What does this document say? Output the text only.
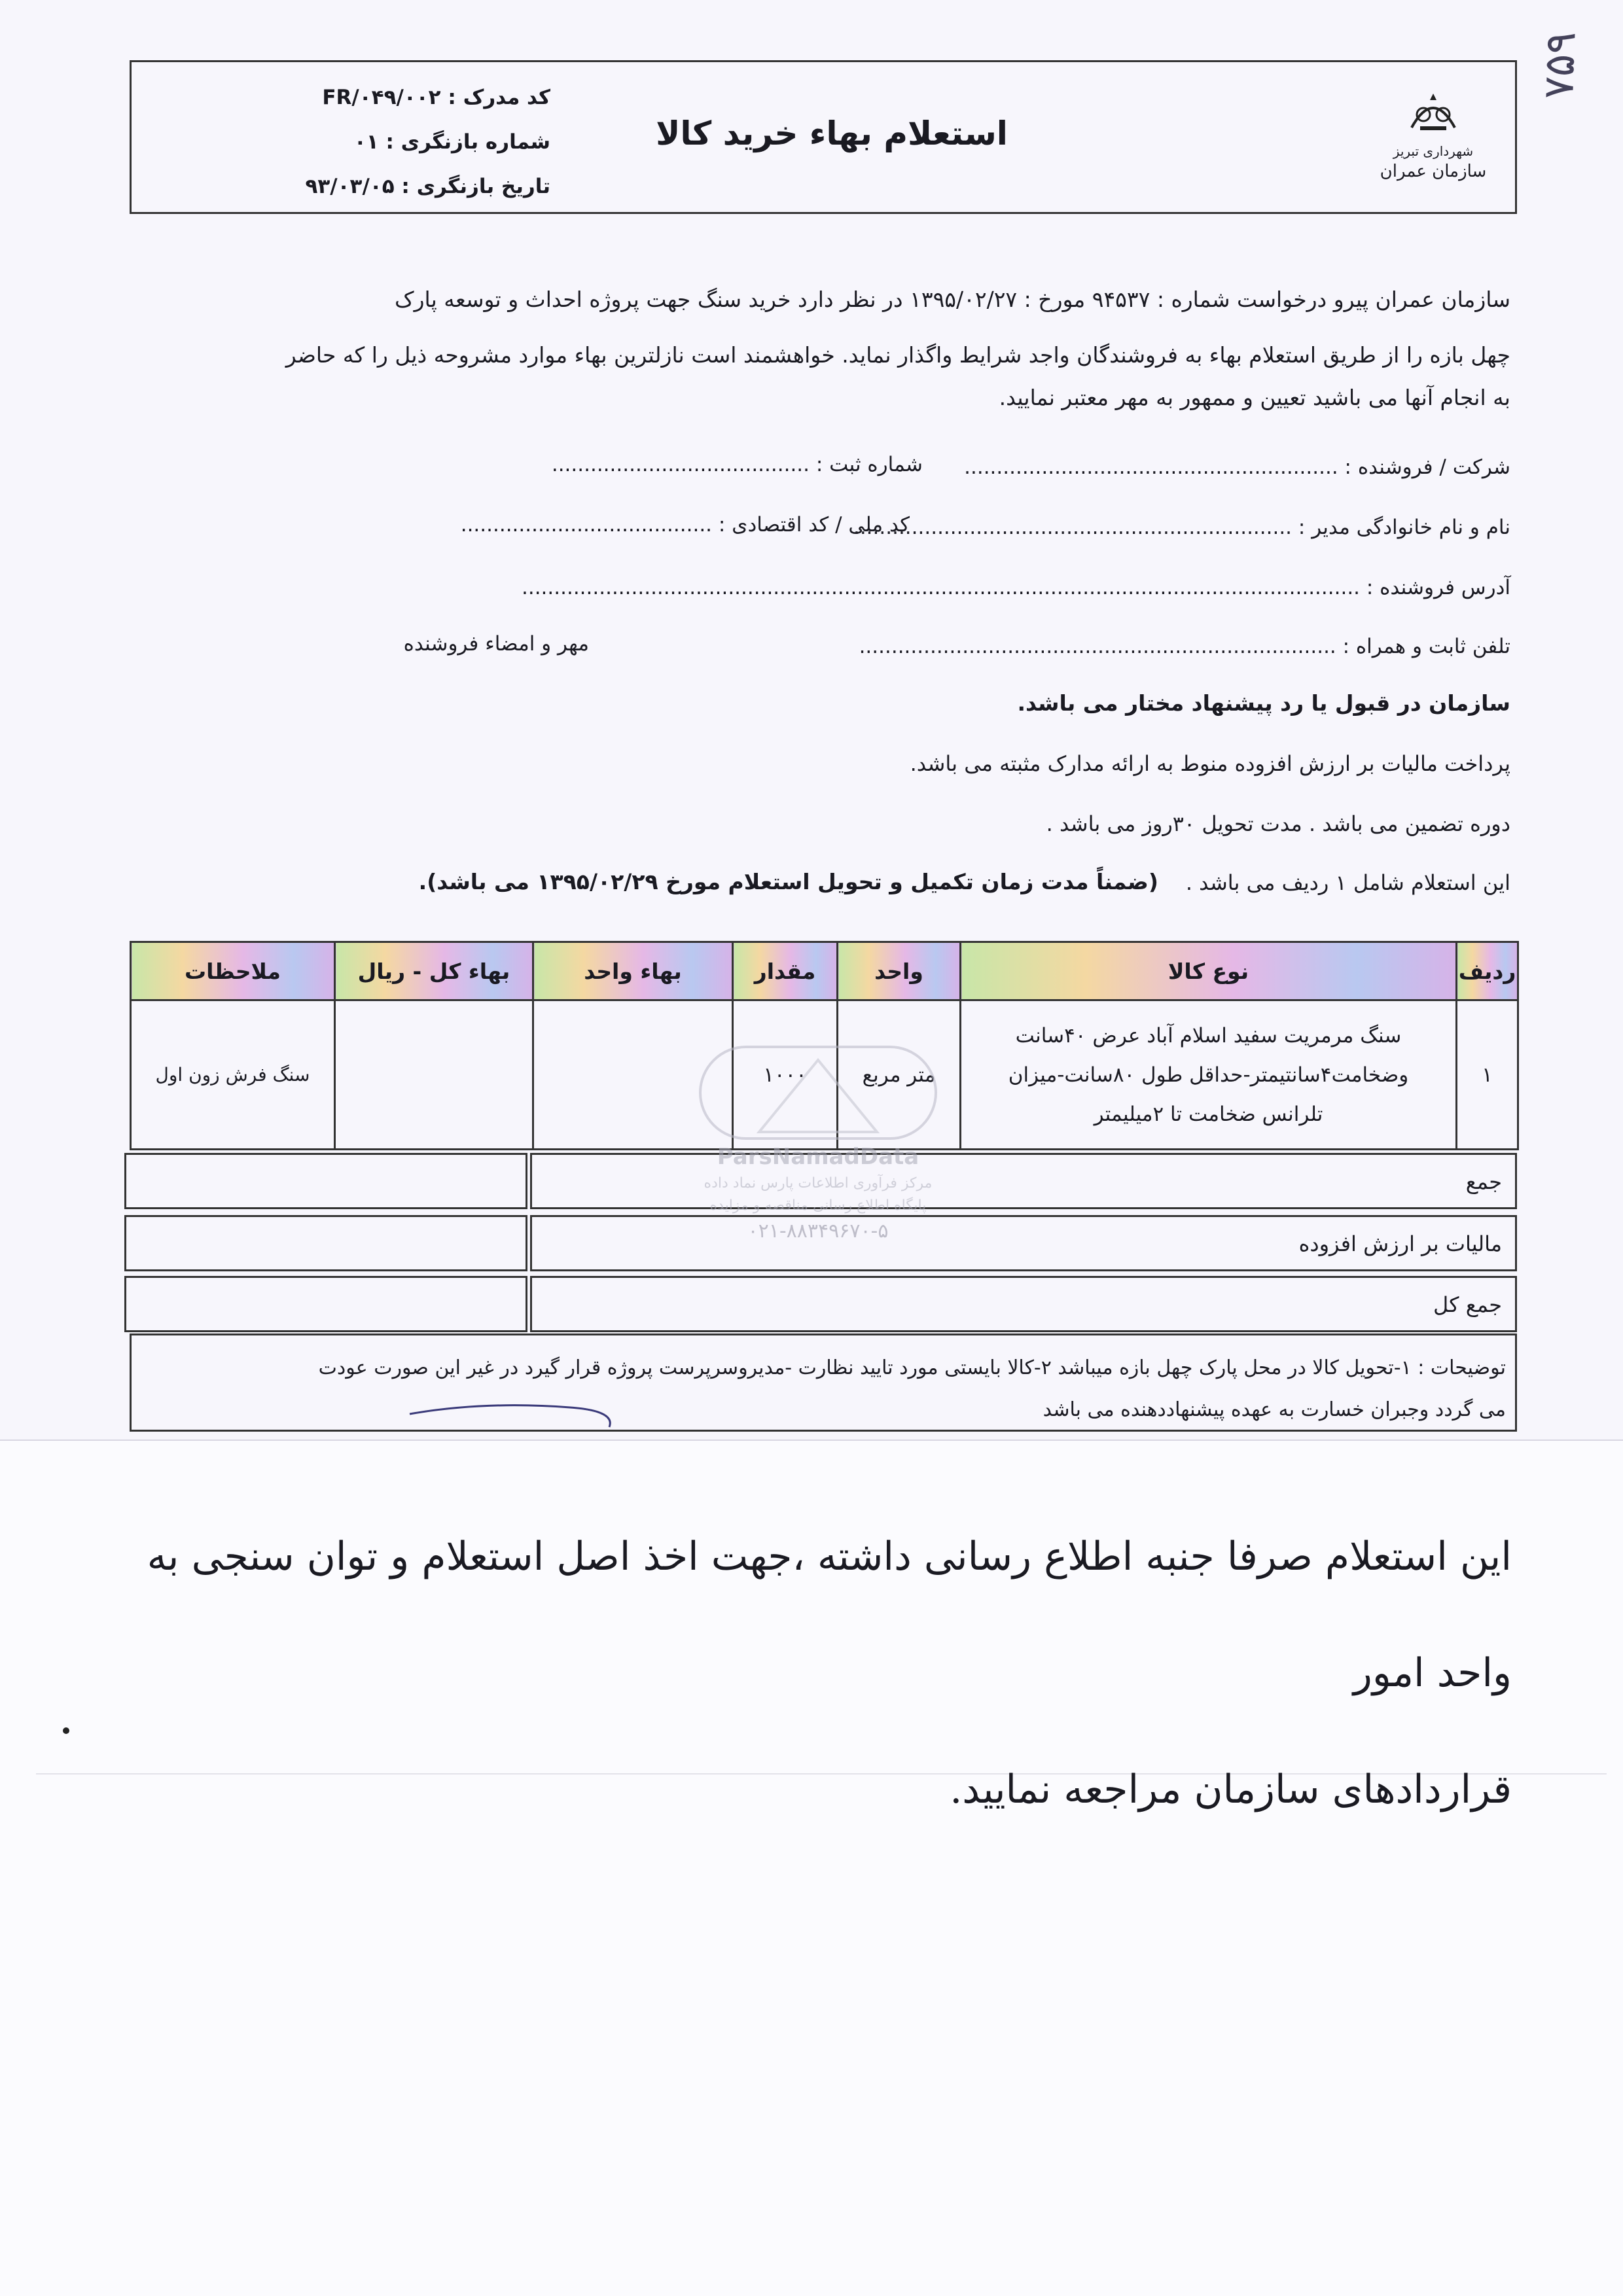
شهرداری تبریز
سازمان عمران
استعلام بهاء خرید کالا
کد مدرک : FR/۰۴۹/۰۰۲
شماره بازنگری : ۰۱
تاریخ بازنگری : ۹۳/۰۳/۰۵
۷۵۹
سازمان عمران پیرو درخواست شماره : ۹۴۵۳۷ مورخ : ۱۳۹۵/۰۲/۲۷ در نظر دارد خرید سنگ جهت پروژه احداث و توسعه پارک
چهل بازه را از طریق استعلام بهاء به فروشندگان واجد شرایط واگذار نماید. خواهشمند است نازلترین بهاء موارد مشروحه ذیل را که حاضر
به انجام آنها می باشید تعیین و ممهور به مهر معتبر نمایید.
شرکت / فروشنده : ..........................................................
شماره ثبت : ........................................
نام و نام خانوادگی مدیر : ....................................................................
کد ملی / کد اقتصادی : .......................................
آدرس فروشنده : ..................................................................................................................................
تلفن ثابت و همراه : ..........................................................................
مهر و امضاء فروشنده
سازمان در قبول یا رد پیشنهاد مختار می باشد.
پرداخت مالیات بر ارزش افزوده منوط به ارائه مدارک مثبته می باشد.
دوره تضمین می باشد . مدت تحویل ۳۰روز می باشد .
این استعلام شامل ۱ ردیف می باشد .
(ضمناً مدت زمان تکمیل و تحویل استعلام مورخ ۱۳۹۵/۰۲/۲۹ می باشد).
ردیف	نوع کالا	واحد	مقدار	بهاء واحد	بهاء کل - ریال	ملاحظات
۱	سنگ مرمریت سفید اسلام آباد عرض ۴۰سانت
وضخامت۴سانتیمتر-حداقل طول ۸۰سانت-میزان
تلرانس ضخامت تا ۲میلیمتر	متر مربع	۱۰۰۰			سنگ فرش زون اول
جمع
مالیات بر ارزش افزوده
جمع کل
توضیحات : ۱-تحویل کالا در محل پارک چهل بازه میباشد ۲-کالا بایستی مورد تایید نظارت -مدیروسرپرست پروژه قرار گیرد در غیر این صورت عودت
می گردد وجبران خسارت به عهده پیشنهاددهنده می باشد
ParsNamadData
مرکز فرآوری اطلاعات پارس نماد داده
پایگاه اطلاع رسانی مناقصه و مزایده
۰۲۱-۸۸۳۴۹۶۷۰-۵
این استعلام صرفا جنبه اطلاع رسانی داشته ،جهت اخذ اصل استعلام و توان سنجی به واحد امور
قراردادهای سازمان مراجعه نمایید.
